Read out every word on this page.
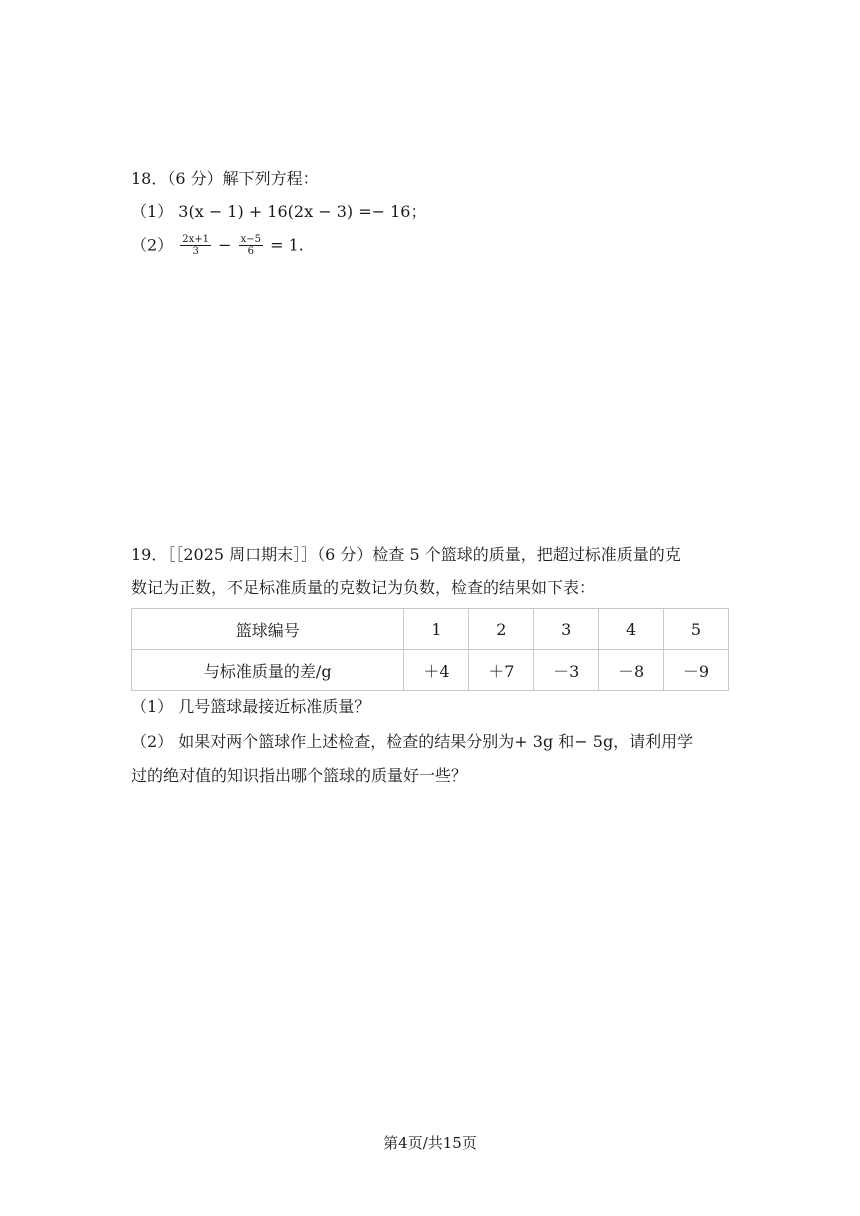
18．（6 分）解下列方程：
（1） 3(x − 1) + 16(2x − 3) =− 16；
$(2) \frac{2x+1}{3} - \frac{x-5}{6} = 1$.
19．［［2025 周口期末］］（6 分）检查 5 个篮球的质量，把超过标准质量的克
数记为正数，不足标准质量的克数记为负数，检查的结果如下表：
篮球编号	1	2	3	4	5
与标准质量的差/g	＋4	＋7	－3	－8	－9
（1） 几号篮球最接近标准质量？
（2） 如果对两个篮球作上述检查，检查的结果分别为+ 3g 和− 5g，请利用学
过的绝对值的知识指出哪个篮球的质量好一些？
第4页/共15页
